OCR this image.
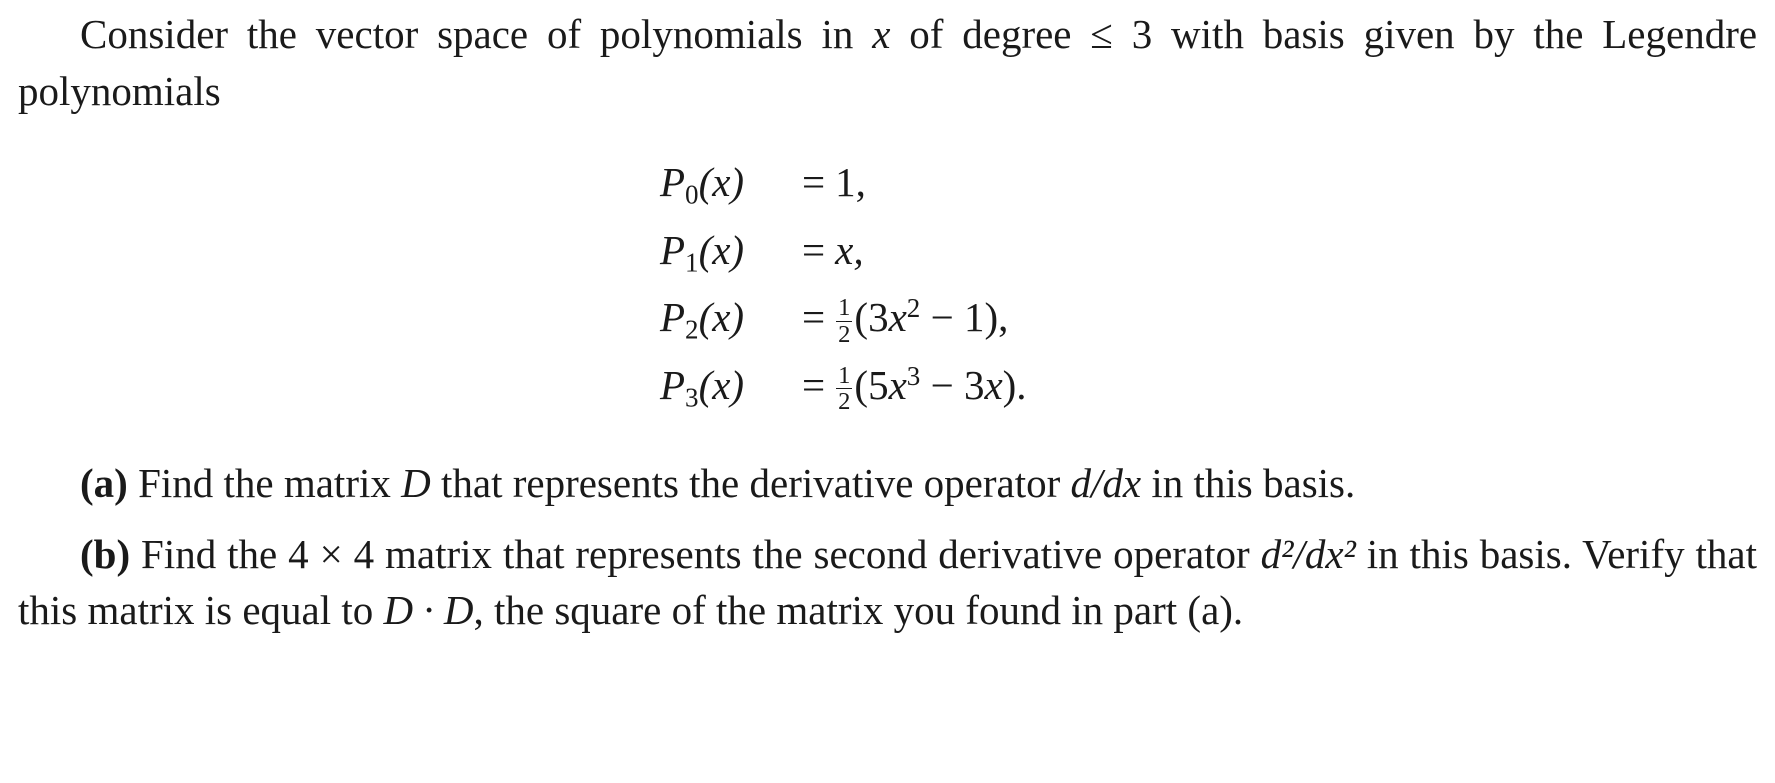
Consider the vector space of polynomials in x of degree ≤ 3 with basis given by the Legendre polynomials

$P_0(x) = 1$,
$P_1(x) = x$,
$P_2(x) = \frac{1}{2} (3x^2 - 1)$,
$P_3(x) = \frac{1}{2} (5x^3 - 3x)$.

(a) Find the matrix D that represents the derivative operator d/dx in this basis.

(b) Find the 4 × 4 matrix that represents the second derivative operator d²/dx² in this basis. Verify that this matrix is equal to D · D, the square of the matrix you found in part (a).
